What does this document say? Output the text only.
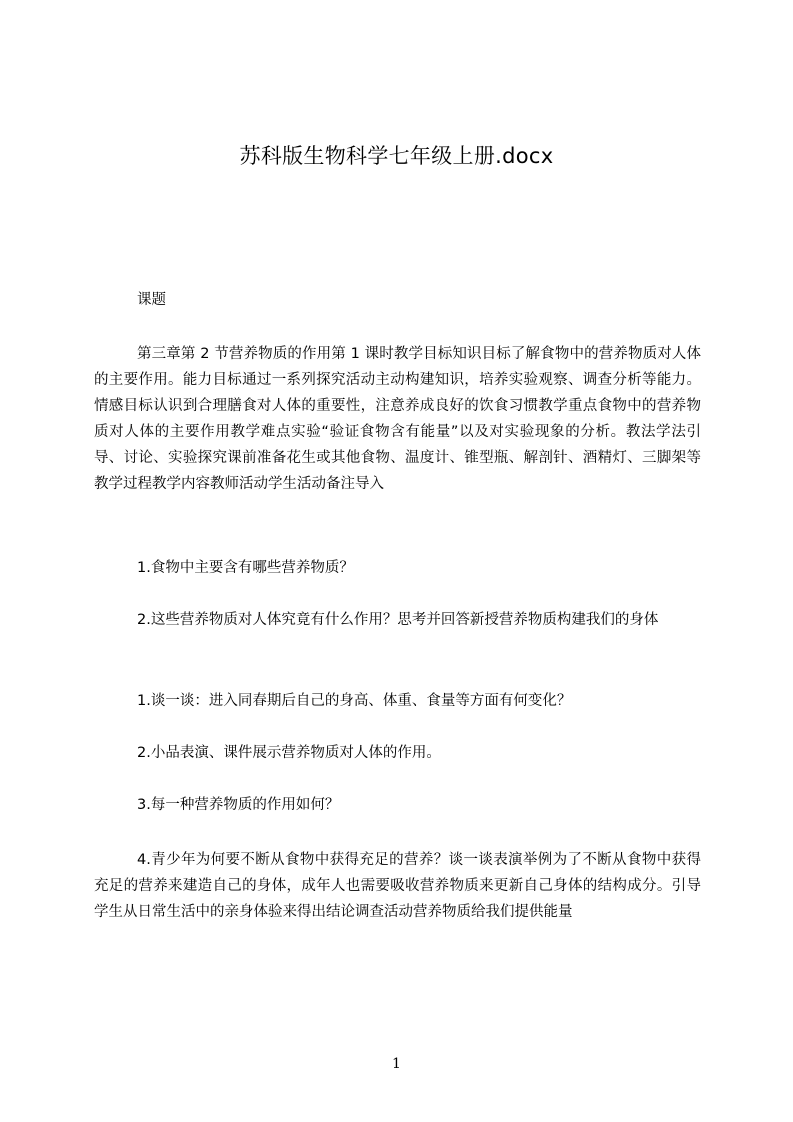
苏科版生物科学七年级上册.docx

课题

第三章第 2 节营养物质的作用第 1 课时教学目标知识目标了解食物中的营养物质对人体的主要作用。能力目标通过一系列探究活动主动构建知识，培养实验观察、调查分析等能力。情感目标认识到合理膳食对人体的重要性，注意养成良好的饮食习惯教学重点食物中的营养物质对人体的主要作用教学难点实验“验证食物含有能量”以及对实验现象的分析。教法学法引导、讨论、实验探究课前准备花生或其他食物、温度计、锥型瓶、解剖针、酒精灯、三脚架等教学过程教学内容教师活动学生活动备注导入

1.食物中主要含有哪些营养物质？

2.这些营养物质对人体究竟有什么作用？思考并回答新授营养物质构建我们的身体

1.谈一谈：进入同春期后自己的身高、体重、食量等方面有何变化？

2.小品表演、课件展示营养物质对人体的作用。

3.每一种营养物质的作用如何？

4.青少年为何要不断从食物中获得充足的营养？谈一谈表演举例为了不断从食物中获得充足的营养来建造自己的身体，成年人也需要吸收营养物质来更新自己身体的结构成分。引导学生从日常生活中的亲身体验来得出结论调查活动营养物质给我们提供能量

1
